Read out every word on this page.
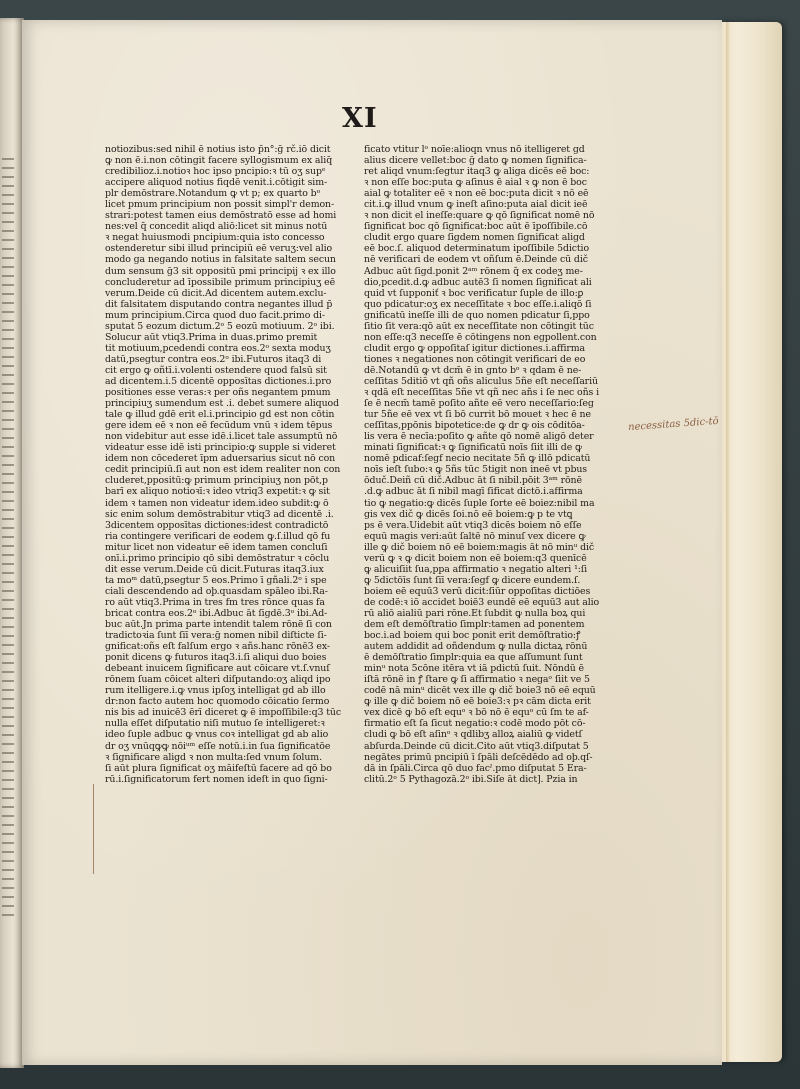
XI
notiozibus:sed nihil ē notius isto p̄n°:ḡ rč.iō dicit
ꝙ non ē.i.non cōtingit facere syllogismum ex aliq̄
credibilioz.i.notioꝛ hoc ipso pncipio:ꝛ tū oʒ supᵉ
accipere aliquod notius fiqdē venit.i.cōtigit sim-
plr demōstrare.Notandum ꝙ vt p; ex quarto bᵒ
licet pmum principium non possit simpl'r demon-
strari:potest tamen eius demōstratō esse ad homi
nes:vel q̄ concedit aliqd aliō:licet sit minus notū
ꝛ negat huiusmodi pncipium:quia isto concesso
ostenderetur sibi illud principiū eē veruʒ:vel alio
modo ga negando notius in falsitate saltem secun
dum sensum ḡ3 sit oppositū pmi principij ꝛ ex illo
concluderetur ad īpossibile primum principiuʒ eē
verum.Deide cū dicit.Ad dicentem autem.exclu-
dit falsitatem disputando contra negantes illud p̄
mum principium.Circa quod duo facit.primo di-
sputat 5 eozum dictum.2ᵒ 5 eozū motiuum. 2ᵒ ibi.
Solucur aūt vtiq3.Prima in duas.primo premit
tit motiuum,pcedendi contra eos.2ᵒ sexta moduʒ
datū,psegtur contra eos.2ᵒ ibi.Futuros itaq3 di
cit ergo ꝙ oñtī.i.volenti ostendere quod falsū sit
ad dicentem.i.5 dicentē opposītas dictiones.i.pro
positiones esse veras:ꝛ per oñs negantem pmum
principiuʒ sumendum est .i. debet sumere aliquod
tale ꝙ illud gdē erit el.i.principio gd est non cōtin
gere idem eē ꝛ non eē fecūdum vnū ꝛ idem tēpus
non videbitur aut esse idē.i.licet tale assumptū nō
videatur esse idē isti principio:ꝙ supple si videret
idem non cōcederet īpm aduersarius sicut nō con
cedit principiū.ſi aut non est idem realiter non con
cluderet,ppositū:ꝙ primum principiuʒ non pōt,p
barī ex aliquo notioꝛī:ꝛ ideo vtriq3 expetit:ꝛ ꝙ sit
idem ꝛ tamen non videatur idem.ideo subdit:ꝙ ō
sic enim solum demōstrabitur vtiq3 ad dicentē .i.
3dicentem opposītas dictiones:idest contradictō
ria contingere verificari de eodem ꝙ.ſ.illud qō fu
mitur licet non videatur eē idem tamen concluſi
onī.i.primo principio qō sibi demōstratur ꝛ cōclu
dit esse verum.Deide cū dicit.Futuras itaq3.iux
ta moᵐ datū,psegtur 5 eos.Primo ī gñali.2ᵒ i spe
ciali descendendo ad oþ.quasdam spāleo ibi.Ra-
ro aūt vtiq3.Prima in tres fm tres rōnce quas fa
bricat contra eos.2ᵒ ibi.Adbuc āt ſigdē.3ᵒ ibi.Ad-
buc aūt.Jn prima parte intendit talem rōnē ſi con
tradictoꝛia ſunt ſiī vera:ḡ nomen nibil diſticte ſi-
gnificat:oñs eſt falſum ergo ꝛ añs.hanc rōnē3 ex-
ponit dicens ꝙ futuros itaq3.i.ſi aliqui duo boies
debeant inuicem ſignificare aut cōicare vt.ſ.vnuſ
rōnem ſuam cōicet alteri diſputando:oʒ aliqd ipo
rum itelligere.i.ꝙ vnus ipſoʒ intelligat gd ab illo
dr:non facto autem hoc quomodo cōicatio ſermo
nis bis ad inuicē3 ērī diceret ꝙ ē impoſſibile:q3 tūc
nulla eſſet diſputatio niſi mutuo ſe intelligeret:ꝛ
ideo ſuple adbuc ꝙ vnus coꝛ intelligat gd ab alio
dr oʒ vnūqꝙꝙ nōiᵘᵐ eſſe notū.i.in ſua ſignificatōe
ꝛ ſignificare aligd ꝛ non multa:ſed vnum ſolum.
ſi aūt plura ſignificat oʒ māifeſtū facere ad qō bo
rū.i.ſignificatorum fert nomen ideſt in quo ſigni-
ficato vtitur lᵒ noīe:alioqn vnus nō itelligeret gd
alius dicere vellet:boc ḡ dato ꝙ nomen ſignifica-
ret aliqd vnum:ſegtur itaq3 ꝙ aliga dicēs eē boc:
ꝛ non eſſe boc:puta ꝙ aſinus ē aial ꝛ ꝙ non ē boc
aial ꝙ totaliter eē ꝛ non eē boc:puta dicit ꝛ nō eē
cit.i.ꝙ illud vnum ꝙ ineſt aſino:puta aial dicit ieē
ꝛ non dicit el ineſſe:quare ꝙ qō ſignificat nomē nō
ſignificat boc qō ſignificat:boc aūt ē īpoſſibile.cō
cludit ergo quare ſigdem nomen ſignificat aligd
eē boc.ſ. aliquod determinatum ipoſſibile 5dictio
nē verificari de eodem vt oñſum ē.Deinde cū dič
Adbuc aūt ſigd.ponit 2ᵃᵐ rōnem q̄ ex codeʒ me-
dio,pcedit.d.ꝙ adbuc autē3 ſi nomen ſignificat ali
quid vt ſupponiť ꝛ boc verificatur ſuple de illo:ꝑ
quo pdicatur:oʒ ex neceſſitate ꝛ boc eſſe.i.aliqō ſi
gnificatū ineſſe illi de quo nomen pdicatur ſi,ppo
ſitio ſit vera:qō aūt ex neceſſitate non cōtingit tūc
non eſſe:q3 neceſſe ē cōtingens non egpollent.con
cludit ergo ꝙ oppoſitaſ igitur dictiones.i.affirma
tiones ꝛ negationes non cōtingit verificari de eo
dē.Notandū ꝙ vt dcm̄ ē in gnto bᵒ ꝛ qdam ē ne-
ceſſitas 5ditiō vt qñ oñs aliculus 5ñe eſt neceſſariū
ꝛ qdā eſt neceſſitas 5ñe vt qñ nec añs i ſe nec oñs i
ſe ē necm̄ tamē poſito añte eē vero neceſſario:ſeg
tur 5ñe eē vex vt ſi bō currit bō mouet ꝛ hec ē ne
ceſſitas,ppōnis bipotetice:de ꝙ dr ꝙ ois cōditōa-
lis vera ē necīa:poſito ꝙ añte qō nomē aligō deter
minati ſignificat:ꝛ ꝙ ſignificatū noīs ſiit illi de ꝙ
nomē pdicaf:ſegf necio necitate 5ñ ꝙ illō pdicatū
noīs ieſt ſubo:ꝛ ꝙ 5ñs tūc 5tigit non ineē vt pbus
ōduč.Deiñ cū dič.Adbuc āt ſi nibil.pōit 3ᵃᵐ rōnē
.d.ꝙ adbuc āt ſi nibil magī ſificat dictō.i.affirma
tio ꝙ negatio:ꝙ dicēs ſuple ſorte eē boiez:nibil ma
gis vex dič ꝙ dicēs ſoi.nō eē boiem:ꝙ p te vtꝗ
ps ē vera.Uidebit aūt vtiq3 dicēs boiem nō eſſe
equū magis veri:aūt ſaltē nō minuſ vex dicere ꝙ
ille ꝙ dič boiem nō eē boiem:magis āt nō minᵘ dič
verū ꝙ ꝛ ꝙ dicit boiem non eē boiem:q3 quenīcē
ꝙ alicuiſiit ſua,ppa affirmatio ꝛ negatio alteri ¹:ſi
ꝙ 5dictōīs ſunt ſiī vera:ſegf ꝙ dicere eundem.ſ.
boiem eē equū3 verū dicit:ſiūr oppoſitas dictiōes
de codē:ꝛ iō accidet boiē3 eundē eē equū3 aut alio
rū aliō aialiū pari rōne.Et ſubdit ꝙ nulla boꝝ qui
dem eſt demōſtratio ſimplr:tamen ad ponentem
boc.i.ad boiem qui boc ponit erit demōſtratio:ꝭ
autem addidit ad oñdendum ꝙ nulla dictaꝝ rōnū
ē demōſtratio ſimplr:quia ea que aſſumunt ſunt
minᵘ nota 5cōne itēra vt iā pdictū ſuit. Nōndū ē
iſtā rōnē in ꝭ ſtare ꝙ ſi affirmatio ꝛ negaᵒ ſiit ve 5
codē nā minᵘ dicēt vex ille ꝙ dič boie3 nō eē equū
ꝙ ille ꝙ dič boiem nō eē boie3:ꝛ pꝛ cām dicta erit
vex dicē ꝙ bō eſt equᵒ ꝛ bō nō ē equᵒ cū ſm te af-
firmatio eſt ſa ſicut negatio:ꝛ codē modo pōt cō-
cludi ꝙ bō eſt aſinᵒ ꝛ qdlibʒ alloꝝ aialiū ꝙ videtſ
abſurda.Deinde cū dicit.Cito aūt vtiq3.diſputat 5
negātes primū pncipiū ī ſpāli deſcēdēdo ad oþ.qſ-
dā in ſpāli.Circa qō duo facˀ.pmo diſputat 5 Era-
clitū.2ᵒ 5 Pythagozā.2ᵒ ibi.Siſe āt dict]. Pzia in
necessitas 5dic-tō
